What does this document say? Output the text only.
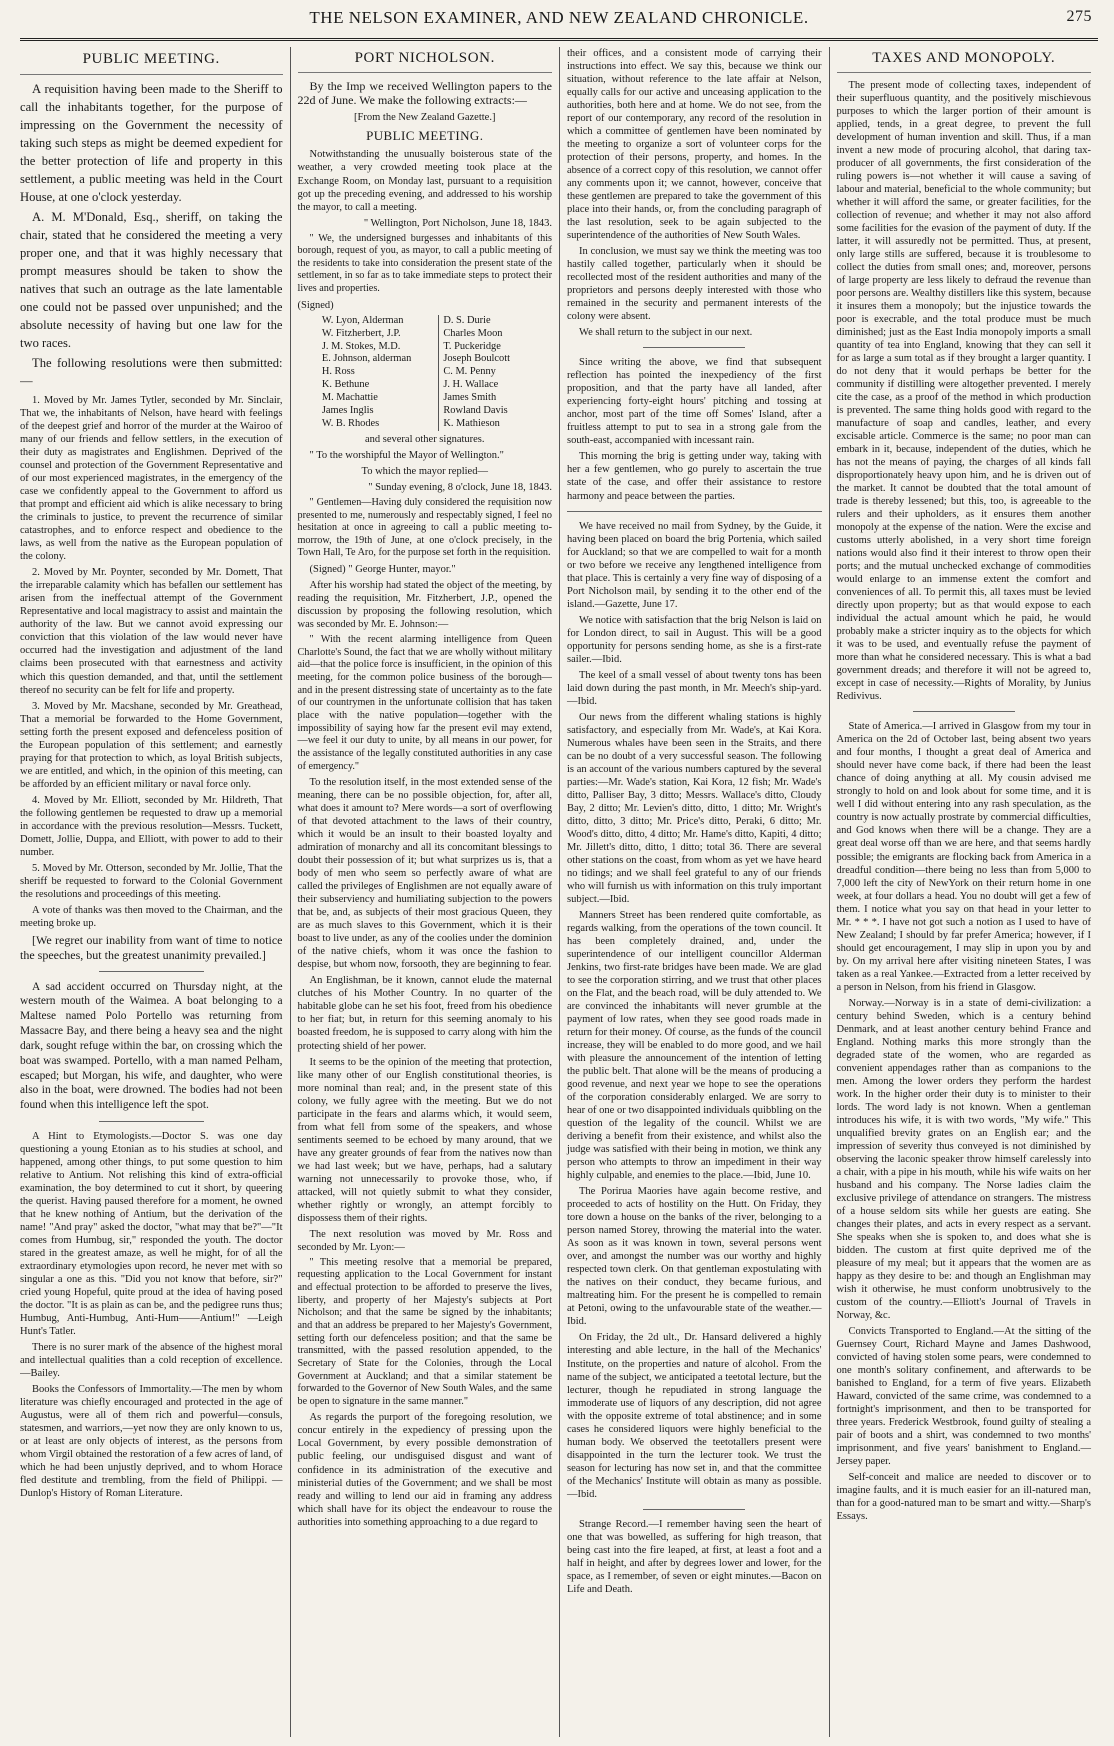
THE NELSON EXAMINER, AND NEW ZEALAND CHRONICLE.	275
PUBLIC MEETING.

A requisition having been made to the Sheriff to call the inhabitants together, for the purpose of impressing on the Government the necessity of taking such steps as might be deemed expedient for the better protection of life and property in this settlement, a public meeting was held in the Court House, at one o'clock yesterday.

A. M. M'Donald, Esq., sheriff, on taking the chair, stated that he considered the meeting a very proper one, and that it was highly necessary that prompt measures should be taken to show the natives that such an outrage as the late lamentable one could not be passed over unpunished; and the absolute necessity of having but one law for the two races.

The following resolutions were then submitted:—

1. Moved by Mr. James Tytler, seconded by Mr. Sinclair, That we, the inhabitants of Nelson, have heard with feelings of the deepest grief and horror of the murder at the Wairoo of many of our friends and fellow settlers, in the execution of their duty as magistrates and Englishmen. Deprived of the counsel and protection of the Government Representative and of our most experienced magistrates, in the emergency of the case we confidently appeal to the Government to afford us that prompt and efficient aid which is alike necessary to bring the criminals to justice, to prevent the recurrence of similar catastrophes, and to enforce respect and obedience to the laws, as well from the native as the European population of the colony.

2. Moved by Mr. Poynter, seconded by Mr. Domett, That the irreparable calamity which has befallen our settlement has arisen from the ineffectual attempt of the Government Representative and local magistracy to assist and maintain the authority of the law. But we cannot avoid expressing our conviction that this violation of the law would never have occurred had the investigation and adjustment of the land claims been prosecuted with that earnestness and activity which this question demanded, and that, until the settlement thereof no security can be felt for life and property.

3. Moved by Mr. Macshane, seconded by Mr. Greathead, That a memorial be forwarded to the Home Government, setting forth the present exposed and defenceless position of the European population of this settlement; and earnestly praying for that protection to which, as loyal British subjects, we are entitled, and which, in the opinion of this meeting, can be afforded by an efficient military or naval force only.

4. Moved by Mr. Elliott, seconded by Mr. Hildreth, That the following gentlemen be requested to draw up a memorial in accordance with the previous resolution—Messrs. Tuckett, Domett, Jollie, Duppa, and Elliott, with power to add to their number.

5. Moved by Mr. Otterson, seconded by Mr. Jollie, That the sheriff be requested to forward to the Colonial Government the resolutions and proceedings of this meeting.

A vote of thanks was then moved to the Chairman, and the meeting broke up.

[We regret our inability from want of time to notice the speeches, but the greatest unanimity prevailed.]

A sad accident occurred on Thursday night, at the western mouth of the Waimea. A boat belonging to a Maltese named Polo Portello was returning from Massacre Bay, and there being a heavy sea and the night dark, sought refuge within the bar, on crossing which the boat was swamped. Portello, with a man named Pelham, escaped; but Morgan, his wife, and daughter, who were also in the boat, were drowned. The bodies had not been found when this intelligence left the spot.

A Hint to Etymologists.—Doctor S. was one day questioning a young Etonian as to his studies at school, and happened, among other things, to put some question to him relative to Antium. Not relishing this kind of extra-official examination, the boy determined to cut it short, by queering the querist. Having paused therefore for a moment, he owned that he knew nothing of Antium, but the derivation of the name! "And pray" asked the doctor, "what may that be?"—"It comes from Humbug, sir," responded the youth. The doctor stared in the greatest amaze, as well he might, for of all the extraordinary etymologies upon record, he never met with so singular a one as this. "Did you not know that before, sir?" cried young Hopeful, quite proud at the idea of having posed the doctor. "It is as plain as can be, and the pedigree runs thus; Humbug, Anti-Humbug, Anti-Hum——Antium!" —Leigh Hunt's Tatler.

There is no surer mark of the absence of the highest moral and intellectual qualities than a cold reception of excellence.—Bailey.

Books the Confessors of Immortality.—The men by whom literature was chiefly encouraged and protected in the age of Augustus, were all of them rich and powerful—consuls, statesmen, and warriors,—yet now they are only known to us, or at least are only objects of interest, as the persons from whom Virgil obtained the restoration of a few acres of land, of which he had been unjustly deprived, and to whom Horace fled destitute and trembling, from the field of Philippi. —Dunlop's History of Roman Literature.

PORT NICHOLSON.

By the Imp we received Wellington papers to the 22d of June. We make the following extracts:—

[From the New Zealand Gazette.]

PUBLIC MEETING.

Notwithstanding the unusually boisterous state of the weather, a very crowded meeting took place at the Exchange Room, on Monday last, pursuant to a requisition got up the preceding evening, and addressed to his worship the mayor, to call a meeting.

" Wellington, Port Nicholson, June 18, 1843.

" We, the undersigned burgesses and inhabitants of this borough, request of you, as mayor, to call a public meeting of the residents to take into consideration the present state of the settlement, in so far as to take immediate steps to protect their lives and properties.

(Signed)

W. Lyon, Alderman	D. S. Durie
W. Fitzherbert, J.P.	Charles Moon
J. M. Stokes, M.D.	T. Puckeridge
E. Johnson, alderman	Joseph Boulcott
H. Ross	C. M. Penny
K. Bethune	J. H. Wallace
M. Machattie	James Smith
James Inglis	Rowland Davis
W. B. Rhodes	K. Mathieson

and several other signatures.

" To the worshipful the Mayor of Wellington."

To which the mayor replied—

" Sunday evening, 8 o'clock, June 18, 1843.

" Gentlemen—Having duly considered the requisition now presented to me, numerously and respectably signed, I feel no hesitation at once in agreeing to call a public meeting to-morrow, the 19th of June, at one o'clock precisely, in the Town Hall, Te Aro, for the purpose set forth in the requisition.

(Signed) " George Hunter, mayor."

After his worship had stated the object of the meeting, by reading the requisition, Mr. Fitzherbert, J.P., opened the discussion by proposing the following resolution, which was seconded by Mr. E. Johnson:—

" With the recent alarming intelligence from Queen Charlotte's Sound, the fact that we are wholly without military aid—that the police force is insufficient, in the opinion of this meeting, for the common police business of the borough—and in the present distressing state of uncertainty as to the fate of our countrymen in the unfortunate collision that has taken place with the native population—together with the impossibility of saying how far the present evil may extend,—we feel it our duty to unite, by all means in our power, for the assistance of the legally constituted authorities in any case of emergency."

To the resolution itself, in the most extended sense of the meaning, there can be no possible objection, for, after all, what does it amount to? Mere words—a sort of overflowing of that devoted attachment to the laws of their country, which it would be an insult to their boasted loyalty and admiration of monarchy and all its concomitant blessings to doubt their possession of it; but what surprizes us is, that a body of men who seem so perfectly aware of what are called the privileges of Englishmen are not equally aware of their subserviency and humiliating subjection to the powers that be, and, as subjects of their most gracious Queen, they are as much slaves to this Government, which it is their boast to live under, as any of the coolies under the dominion of the native chiefs, whom it was once the fashion to despise, but whom now, forsooth, they are beginning to fear.

An Englishman, be it known, cannot elude the maternal clutches of his Mother Country. In no quarter of the habitable globe can he set his foot, freed from his obedience to her fiat; but, in return for this seeming anomaly to his boasted freedom, he is supposed to carry along with him the protecting shield of her power.

It seems to be the opinion of the meeting that protection, like many other of our English constitutional theories, is more nominal than real; and, in the present state of this colony, we fully agree with the meeting. But we do not participate in the fears and alarms which, it would seem, from what fell from some of the speakers, and whose sentiments seemed to be echoed by many around, that we have any greater grounds of fear from the natives now than we had last week; but we have, perhaps, had a salutary warning not unnecessarily to provoke those, who, if attacked, will not quietly submit to what they consider, whether rightly or wrongly, an attempt forcibly to dispossess them of their rights.

The next resolution was moved by Mr. Ross and seconded by Mr. Lyon:—

" This meeting resolve that a memorial be prepared, requesting application to the Local Government for instant and effectual protection to be afforded to preserve the lives, liberty, and property of her Majesty's subjects at Port Nicholson; and that the same be signed by the inhabitants; and that an address be prepared to her Majesty's Government, setting forth our defenceless position; and that the same be transmitted, with the passed resolution appended, to the Secretary of State for the Colonies, through the Local Government at Auckland; and that a similar statement be forwarded to the Governor of New South Wales, and the same be open to signature in the same manner."

As regards the purport of the foregoing resolution, we concur entirely in the expediency of pressing upon the Local Government, by every possible demonstration of public feeling, our undisguised disgust and want of confidence in its administration of the executive and ministerial duties of the Government; and we shall be most ready and willing to lend our aid in framing any address which shall have for its object the endeavour to rouse the authorities into something approaching to a due regard to

their offices, and a consistent mode of carrying their instructions into effect. We say this, because we think our situation, without reference to the late affair at Nelson, equally calls for our active and unceasing application to the authorities, both here and at home. We do not see, from the report of our contemporary, any record of the resolution in which a committee of gentlemen have been nominated by the meeting to organize a sort of volunteer corps for the protection of their persons, property, and homes. In the absence of a correct copy of this resolution, we cannot offer any comments upon it; we cannot, however, conceive that these gentlemen are prepared to take the government of this place into their hands, or, from the concluding paragraph of the last resolution, seek to be again subjected to the superintendence of the authorities of New South Wales.

In conclusion, we must say we think the meeting was too hastily called together, particularly when it should be recollected most of the resident authorities and many of the proprietors and persons deeply interested with those who remained in the security and permanent interests of the colony were absent.

We shall return to the subject in our next.

Since writing the above, we find that subsequent reflection has pointed the inexpediency of the first proposition, and that the party have all landed, after experiencing forty-eight hours' pitching and tossing at anchor, most part of the time off Somes' Island, after a fruitless attempt to put to sea in a strong gale from the south-east, accompanied with incessant rain.

This morning the brig is getting under way, taking with her a few gentlemen, who go purely to ascertain the true state of the case, and offer their assistance to restore harmony and peace between the parties.

We have received no mail from Sydney, by the Guide, it having been placed on board the brig Portenia, which sailed for Auckland; so that we are compelled to wait for a month or two before we receive any lengthened intelligence from that place. This is certainly a very fine way of disposing of a Port Nicholson mail, by sending it to the other end of the island.—Gazette, June 17.

We notice with satisfaction that the brig Nelson is laid on for London direct, to sail in August. This will be a good opportunity for persons sending home, as she is a first-rate sailer.—Ibid.

The keel of a small vessel of about twenty tons has been laid down during the past month, in Mr. Meech's ship-yard.—Ibid.

Our news from the different whaling stations is highly satisfactory, and especially from Mr. Wade's, at Kai Kora. Numerous whales have been seen in the Straits, and there can be no doubt of a very successful season. The following is an account of the various numbers captured by the several parties:—Mr. Wade's station, Kai Kora, 12 fish; Mr. Wade's ditto, Palliser Bay, 3 ditto; Messrs. Wallace's ditto, Cloudy Bay, 2 ditto; Mr. Levien's ditto, ditto, 1 ditto; Mr. Wright's ditto, ditto, 3 ditto; Mr. Price's ditto, Peraki, 6 ditto; Mr. Wood's ditto, ditto, 4 ditto; Mr. Hame's ditto, Kapiti, 4 ditto; Mr. Jillett's ditto, ditto, 1 ditto; total 36. There are several other stations on the coast, from whom as yet we have heard no tidings; and we shall feel grateful to any of our friends who will furnish us with information on this truly important subject.—Ibid.

Manners Street has been rendered quite comfortable, as regards walking, from the operations of the town council. It has been completely drained, and, under the superintendence of our intelligent councillor Alderman Jenkins, two first-rate bridges have been made. We are glad to see the corporation stirring, and we trust that other places on the Flat, and the beach road, will be duly attended to. We are convinced the inhabitants will never grumble at the payment of low rates, when they see good roads made in return for their money. Of course, as the funds of the council increase, they will be enabled to do more good, and we hail with pleasure the announcement of the intention of letting the public belt. That alone will be the means of producing a good revenue, and next year we hope to see the operations of the corporation considerably enlarged. We are sorry to hear of one or two disappointed individuals quibbling on the question of the legality of the council. Whilst we are deriving a benefit from their existence, and whilst also the judge was satisfied with their being in motion, we think any person who attempts to throw an impediment in their way highly culpable, and enemies to the place.—Ibid, June 10.

The Porirua Maories have again become restive, and proceeded to acts of hostility on the Hutt. On Friday, they tore down a house on the banks of the river, belonging to a person named Storey, throwing the material into the water. As soon as it was known in town, several persons went over, and amongst the number was our worthy and highly respected town clerk. On that gentleman expostulating with the natives on their conduct, they became furious, and maltreating him. For the present he is compelled to remain at Petoni, owing to the unfavourable state of the weather.—Ibid.

On Friday, the 2d ult., Dr. Hansard delivered a highly interesting and able lecture, in the hall of the Mechanics' Institute, on the properties and nature of alcohol. From the name of the subject, we anticipated a teetotal lecture, but the lecturer, though he repudiated in strong language the immoderate use of liquors of any description, did not agree with the opposite extreme of total abstinence; and in some cases he considered liquors were highly beneficial to the human body. We observed the teetotallers present were disappointed in the turn the lecturer took. We trust the season for lecturing has now set in, and that the committee of the Mechanics' Institute will obtain as many as possible.—Ibid.

Strange Record.—I remember having seen the heart of one that was bowelled, as suffering for high treason, that being cast into the fire leaped, at first, at least a foot and a half in height, and after by degrees lower and lower, for the space, as I remember, of seven or eight minutes.—Bacon on Life and Death.

TAXES AND MONOPOLY.

The present mode of collecting taxes, independent of their superfluous quantity, and the positively mischievous purposes to which the larger portion of their amount is applied, tends, in a great degree, to prevent the full development of human invention and skill. Thus, if a man invent a new mode of procuring alcohol, that daring tax-producer of all governments, the first consideration of the ruling powers is—not whether it will cause a saving of labour and material, beneficial to the whole community; but whether it will afford the same, or greater facilities, for the collection of revenue; and whether it may not also afford some facilities for the evasion of the payment of duty. If the latter, it will assuredly not be permitted. Thus, at present, only large stills are suffered, because it is troublesome to collect the duties from small ones; and, moreover, persons of large property are less likely to defraud the revenue than poor persons are. Wealthy distillers like this system, because it insures them a monopoly; but the injustice towards the poor is execrable, and the total produce must be much diminished; just as the East India monopoly imports a small quantity of tea into England, knowing that they can sell it for as large a sum total as if they brought a larger quantity. I do not deny that it would perhaps be better for the community if distilling were altogether prevented. I merely cite the case, as a proof of the method in which production is prevented. The same thing holds good with regard to the manufacture of soap and candles, leather, and every excisable article. Commerce is the same; no poor man can embark in it, because, independent of the duties, which he has not the means of paying, the charges of all kinds fall disproportionately heavy upon him, and he is driven out of the market. It cannot be doubted that the total amount of trade is thereby lessened; but this, too, is agreeable to the rulers and their upholders, as it ensures them another monopoly at the expense of the nation. Were the excise and customs utterly abolished, in a very short time foreign nations would also find it their interest to throw open their ports; and the mutual unchecked exchange of commodities would enlarge to an immense extent the comfort and conveniences of all. To permit this, all taxes must be levied directly upon property; but as that would expose to each individual the actual amount which he paid, he would probably make a stricter inquiry as to the objects for which it was to be used, and eventually refuse the payment of more than what he considered necessary. This is what a bad government dreads; and therefore it will not be agreed to, except in case of necessity.—Rights of Morality, by Junius Redivivus.

State of America.—I arrived in Glasgow from my tour in America on the 2d of October last, being absent two years and four months, I thought a great deal of America and should never have come back, if there had been the least chance of doing anything at all. My cousin advised me strongly to hold on and look about for some time, and it is well I did without entering into any rash speculation, as the country is now actually prostrate by commercial difficulties, and God knows when there will be a change. They are a great deal worse off than we are here, and that seems hardly possible; the emigrants are flocking back from America in a dreadful condition—there being no less than from 5,000 to 7,000 left the city of NewYork on their return home in one week, at four dollars a head. You no doubt will get a few of them. I notice what you say on that head in your letter to Mr. * * *. I have not got such a notion as I used to have of New Zealand; I should by far prefer America; however, if I should get encouragement, I may slip in upon you by and by. On my arrival here after visiting nineteen States, I was taken as a real Yankee.—Extracted from a letter received by a person in Nelson, from his friend in Glasgow.

Norway.—Norway is in a state of demi-civilization: a century behind Sweden, which is a century behind Denmark, and at least another century behind France and England. Nothing marks this more strongly than the degraded state of the women, who are regarded as convenient appendages rather than as companions to the men. Among the lower orders they perform the hardest work. In the higher order their duty is to minister to their lords. The word lady is not known. When a gentleman introduces his wife, it is with two words, "My wife." This unqualified brevity grates on an English ear; and the impression of severity thus conveyed is not diminished by observing the laconic speaker throw himself carelessly into a chair, with a pipe in his mouth, while his wife waits on her husband and his company. The Norse ladies claim the exclusive privilege of attendance on strangers. The mistress of a house seldom sits while her guests are eating. She changes their plates, and acts in every respect as a servant. She speaks when she is spoken to, and does what she is bidden. The custom at first quite deprived me of the pleasure of my meal; but it appears that the women are as happy as they desire to be: and though an Englishman may wish it otherwise, he must conform unobtrusively to the custom of the country.—Elliott's Journal of Travels in Norway, &c.

Convicts Transported to England.—At the sitting of the Guernsey Court, Richard Mayne and James Dashwood, convicted of having stolen some pears, were condemned to one month's solitary confinement, and afterwards to be banished to England, for a term of five years. Elizabeth Haward, convicted of the same crime, was condemned to a fortnight's imprisonment, and then to be transported for three years. Frederick Westbrook, found guilty of stealing a pair of boots and a shirt, was condemned to two months' imprisonment, and five years' banishment to England.—Jersey paper.

Self-conceit and malice are needed to discover or to imagine faults, and it is much easier for an ill-natured man, than for a good-natured man to be smart and witty.—Sharp's Essays.
